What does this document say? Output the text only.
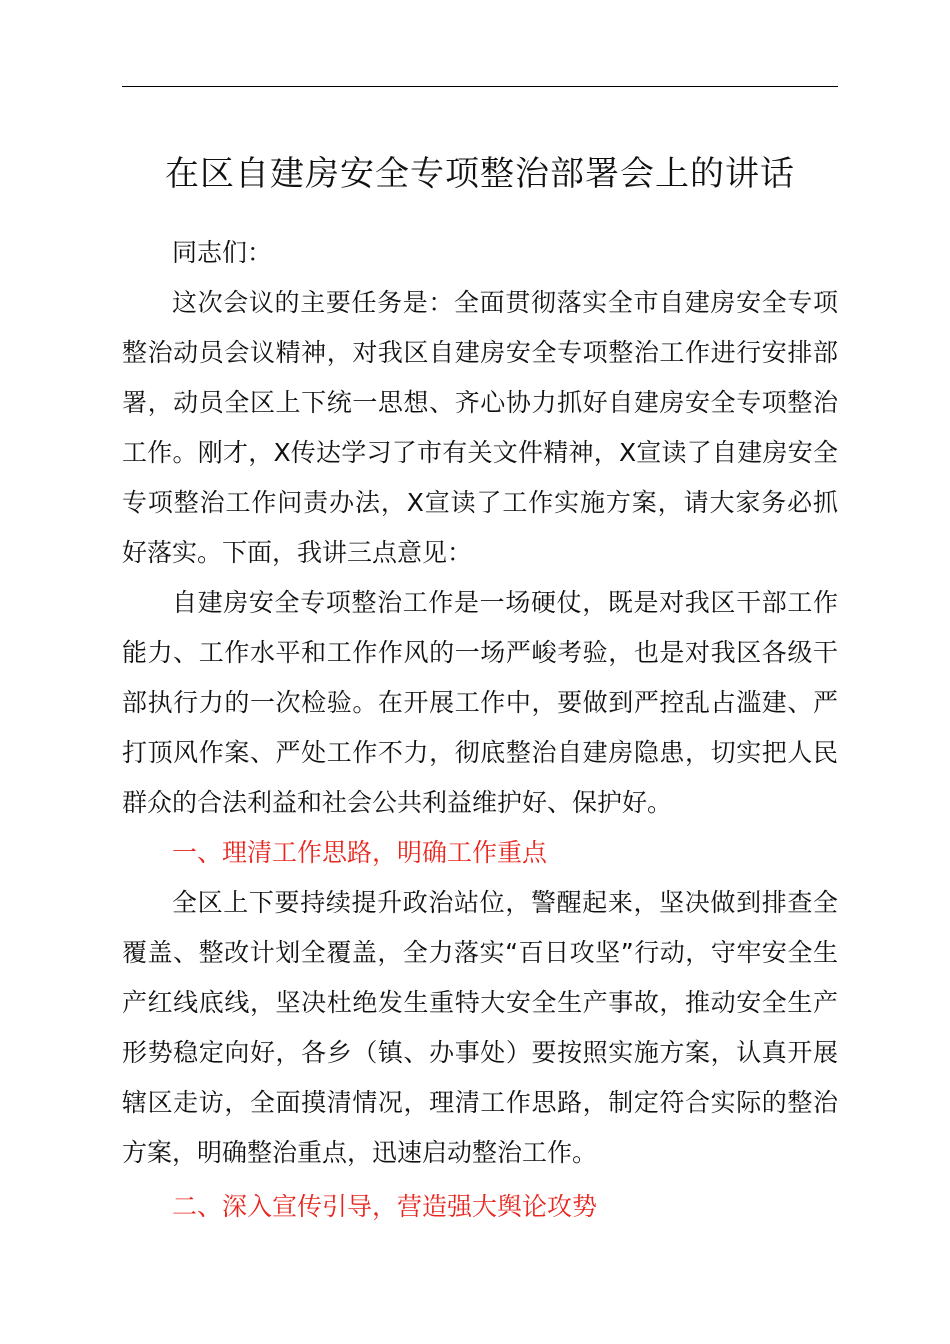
在区自建房安全专项整治部署会上的讲话

同志们：

这次会议的主要任务是：全面贯彻落实全市自建房安全专项整治动员会议精神，对我区自建房安全专项整治工作进行安排部署，动员全区上下统一思想、齐心协力抓好自建房安全专项整治工作。刚才，X传达学习了市有关文件精神，X宣读了自建房安全专项整治工作问责办法，X宣读了工作实施方案，请大家务必抓好落实。下面，我讲三点意见：

自建房安全专项整治工作是一场硬仗，既是对我区干部工作能力、工作水平和工作作风的一场严峻考验，也是对我区各级干部执行力的一次检验。在开展工作中，要做到严控乱占滥建、严打顶风作案、严处工作不力，彻底整治自建房隐患，切实把人民群众的合法利益和社会公共利益维护好、保护好。

一、理清工作思路，明确工作重点

全区上下要持续提升政治站位，警醒起来，坚决做到排查全覆盖、整改计划全覆盖，全力落实“百日攻坚”行动，守牢安全生产红线底线，坚决杜绝发生重特大安全生产事故，推动安全生产形势稳定向好，各乡（镇、办事处）要按照实施方案，认真开展辖区走访，全面摸清情况，理清工作思路，制定符合实际的整治方案，明确整治重点，迅速启动整治工作。

二、深入宣传引导，营造强大舆论攻势
